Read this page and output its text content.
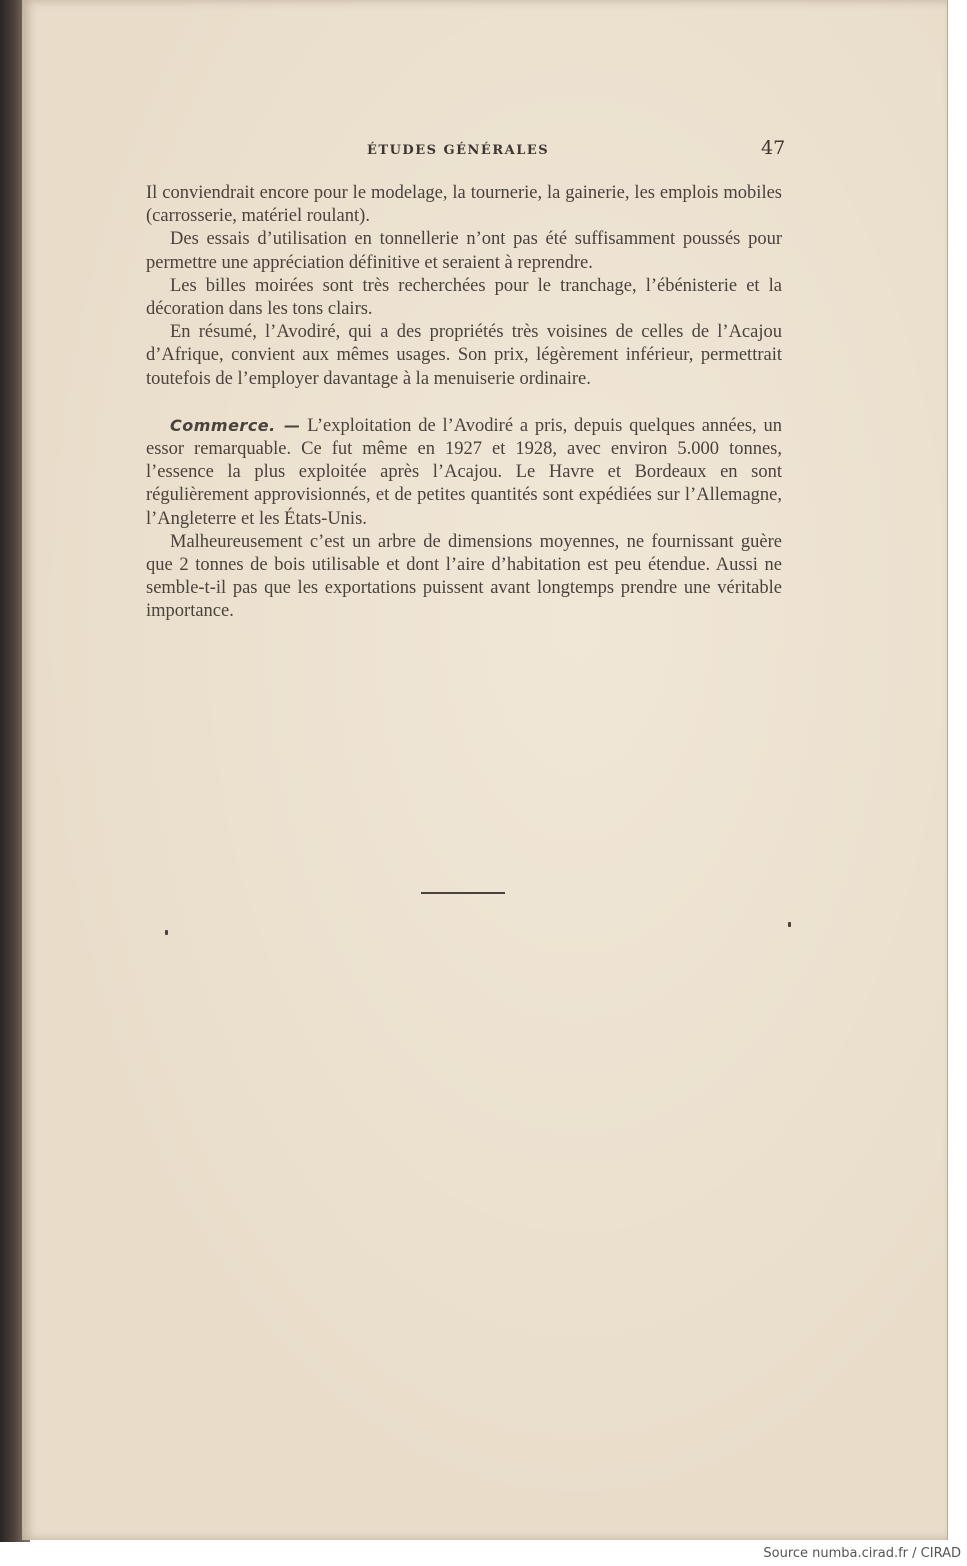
ÉTUDES GÉNÉRALES	47

Il conviendrait encore pour le modelage, la tournerie, la gainerie, les emplois mobiles (carrosserie, matériel roulant).

Des essais d’utilisation en tonnellerie n’ont pas été suffisamment poussés pour permettre une appréciation définitive et seraient à reprendre.

Les billes moirées sont très recherchées pour le tranchage, l’ébénisterie et la décoration dans les tons clairs.

En résumé, l’Avodiré, qui a des propriétés très voisines de celles de l’Acajou d’Afrique, convient aux mêmes usages. Son prix, légèrement inférieur, permettrait toutefois de l’employer davantage à la menuiserie ordinaire.

Commerce. — L’exploitation de l’Avodiré a pris, depuis quelques années, un essor remarquable. Ce fut même en 1927 et 1928, avec environ 5.000 tonnes, l’essence la plus exploitée après l’Acajou. Le Havre et Bordeaux en sont régulièrement approvisionnés, et de petites quantités sont expédiées sur l’Allemagne, l’Angleterre et les États-Unis.

Malheureusement c’est un arbre de dimensions moyennes, ne fournissant guère que 2 tonnes de bois utilisable et dont l’aire d’habitation est peu étendue. Aussi ne semble-t-il pas que les exportations puissent avant longtemps prendre une véritable importance.

Source numba.cirad.fr / CIRAD
